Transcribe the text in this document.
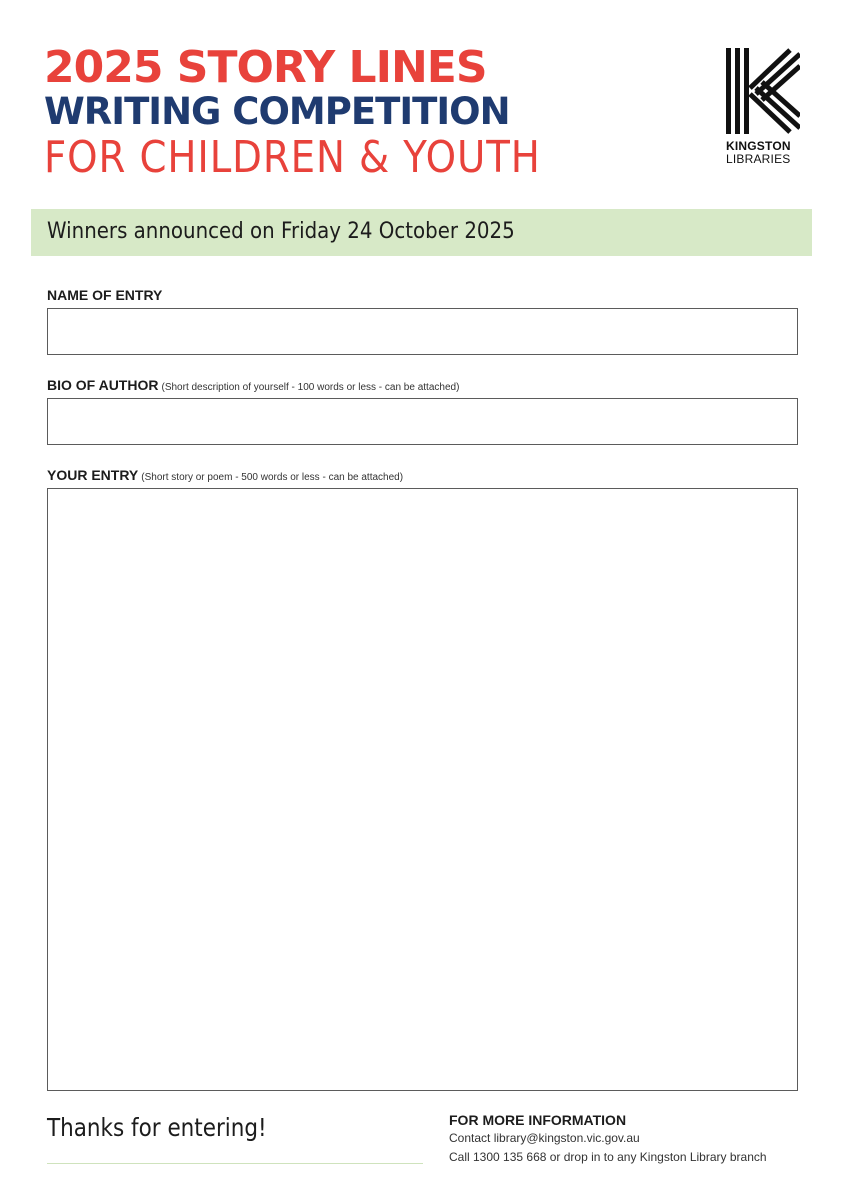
2025 STORY LINES
WRITING COMPETITION
FOR CHILDREN & YOUTH	KINGSTON
LIBRARIES
Winners announced on Friday 24 October 2025
NAME OF ENTRY
BIO OF AUTHOR (Short description of yourself - 100 words or less - can be attached)
YOUR ENTRY (Short story or poem - 500 words or less - can be attached)
Thanks for entering!	FOR MORE INFORMATION
Contact library@kingston.vic.gov.au
Call 1300 135 668 or drop in to any Kingston Library branch
